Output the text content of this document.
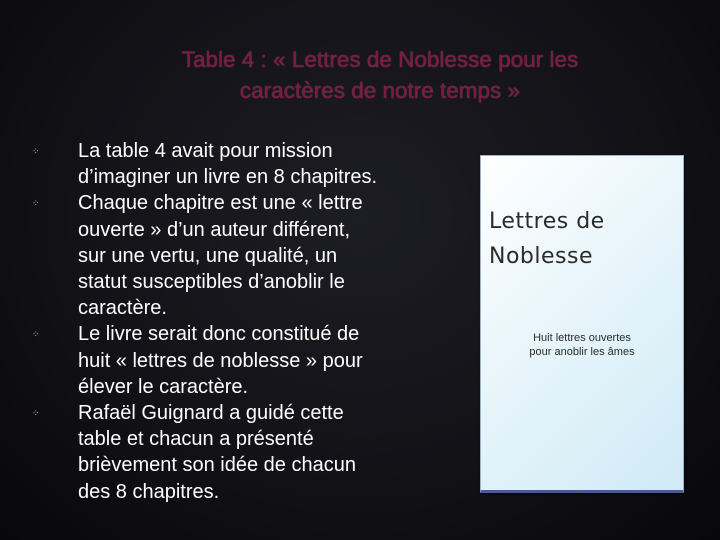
Table 4 : « Lettres de Noblesse pour les
caractères de notre temps »
⁘ La table 4 avait pour mission
d’imaginer un livre en 8 chapitres.
⁘ Chaque chapitre est une « lettre
ouverte » d’un auteur différent,
sur une vertu, une qualité, un
statut susceptibles d’anoblir le
caractère.
⁘ Le livre serait donc constitué de
huit « lettres de noblesse » pour
élever le caractère.
⁘ Rafaël Guignard a guidé cette
table et chacun a présenté
brièvement son idée de chacun
des 8 chapitres.
Lettres de
Noblesse
Huit lettres ouvertes
pour anoblir les âmes
